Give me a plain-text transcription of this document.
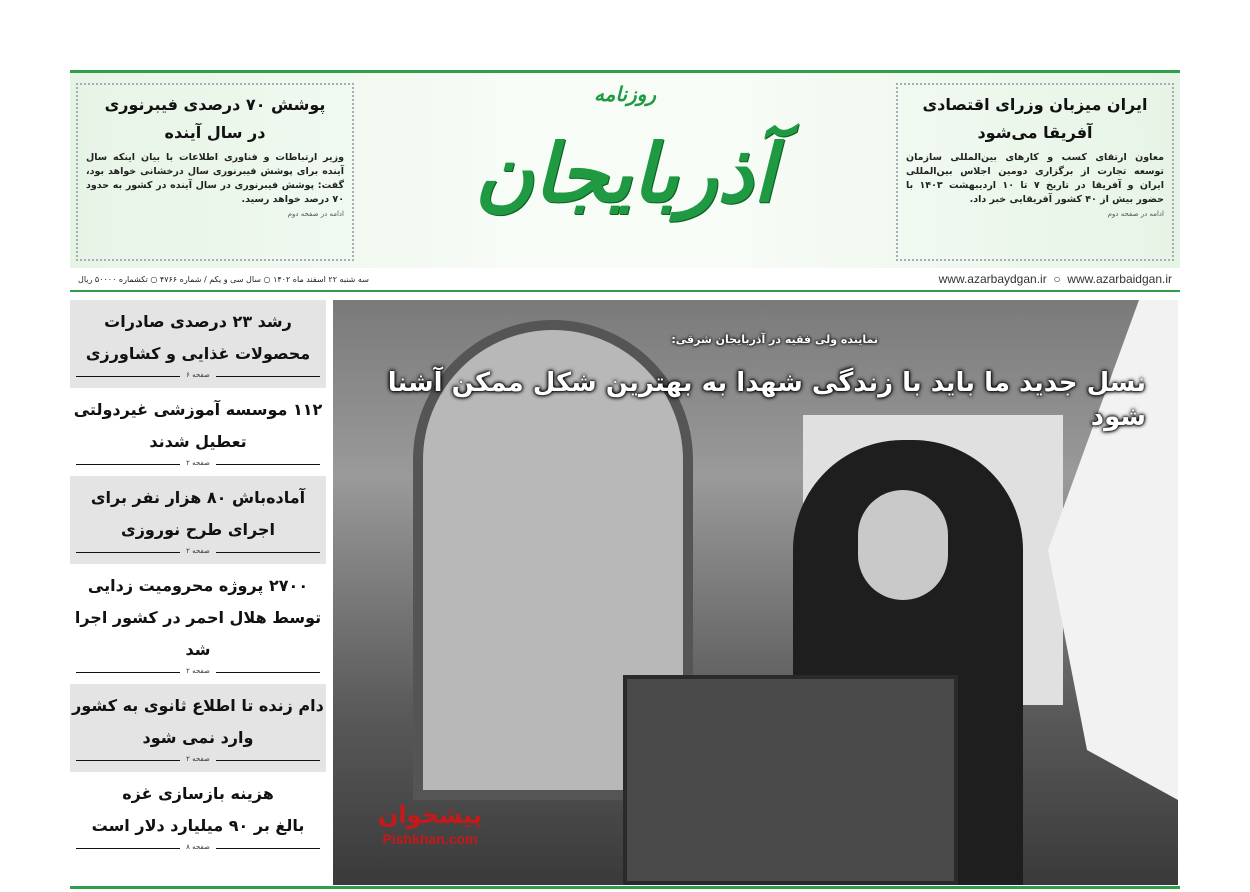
پوشش ۷۰ درصدی فیبرنوری
در سال آینده

وزیر ارتباطات و فناوری اطلاعات با بیان اینکه سال آینده برای پوشش فیبرنوری سال درخشانی خواهد بود، گفت: پوشش فیبرنوری در سال آینده در کشور به حدود ۷۰ درصد خواهد رسید.

ادامه در صفحه دوم
روزنامه
آذربایجان
ایران میزبان وزرای اقتصادی
آفریقا می‌شود

معاون ارتقای کسب و کارهای بین‌المللی سازمان توسعه تجارت از برگزاری دومین اجلاس بین‌المللی ایران و آفریقا در تاریخ ۷ تا ۱۰ اردیبهشت ۱۴۰۳ با حضور بیش از ۴۰ کشور آفریقایی خبر داد.

ادامه در صفحه دوم
سه شنبه ۲۲ اسفند ماه ۱۴۰۲ ○ سال سی و یکم / شماره ۴۷۶۶ ○ تکشماره ۵۰۰۰۰ ریال	www.azarbaydgan.ir  ○  www.azarbaidgan.ir
رشد ۲۳ درصدی صادرات
محصولات غذایی و کشاورزی
صفحه ۶
۱۱۲ موسسه آموزشی غیردولتی
تعطیل شدند
صفحه ۲
آماده‌باش ۸۰ هزار نفر برای
اجرای طرح نوروزی
صفحه ۲
۲۷۰۰ پروژه محرومیت زدایی
توسط هلال احمر در کشور اجرا شد
صفحه ۲
دام زنده تا اطلاع ثانوی به کشور
وارد نمی شود
صفحه ۲
هزینه بازسازی غزه
بالغ بر ۹۰ میلیارد دلار است
صفحه ۸
نماینده ولی فقیه در آذربایجان شرقی:
نسل جدید ما باید با زندگی شهدا به بهترین شکل ممکن آشنا شود
پیشخوان
Pishkhan.com
